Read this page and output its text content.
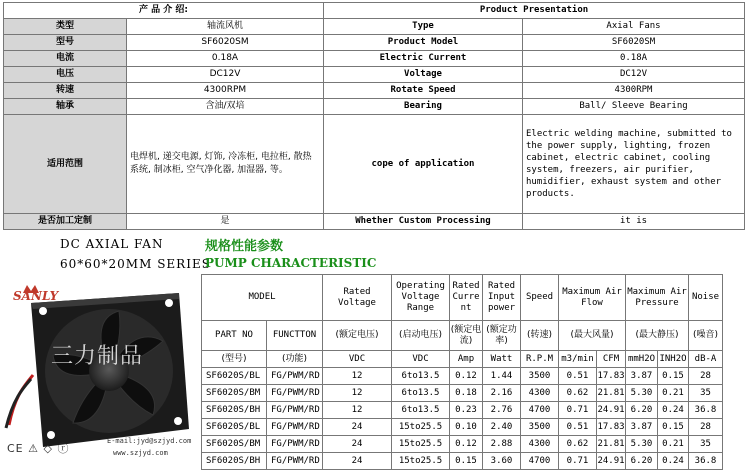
产 品 介 绍:		Product Presentation	
类型	轴流风机	Type	Axial Fans
型号	SF6020SM	Product Model	SF6020SM
电流	0.18A	Electric Current	0.18A
电压	DC12V	Voltage	DC12V
转速	4300RPM	Rotate Speed	4300RPM
轴承	含油/双培	Bearing	Ball/ Sleeve Bearing
适用范围	电焊机, 递交电源, 灯饰, 冷冻柜, 电拉柜, 散热系统, 制冰柜, 空气净化器, 加湿器, 等。	cope of application	Electric welding machine, submitted to the power supply, lighting, frozen cabinet, electric cabinet, cooling system, freezers, air purifier, humidifier, exhaust system and other products.
是否加工定制	是	Whether Custom Processing	it is
DC AXIAL FAN
60*60*20MM SERIES
规格性能参数
PUMP CHARACTERISTIC
SANLY
三力制品
CE ⚠ ◇ ⓡ
E-mail:jyd@szjyd.com
www.szjyd.com
MODEL		Rated Voltage	Operating Voltage Range	Rated Curre nt	Rated Input power	Speed	Maximum Air Flow		Maximum Air Pressure		Noise
PART NO	FUNCTTON	(额定电压)	(启动电压)	(额定电流)	(额定功率)	(转速)	(最大风量)		(最大静压)		(噪音)
(型号)	(功能)	VDC	VDC	Amp	Watt	R.P.M	m3/min	CFM	mmH2O	INH2O	dB-A
SF6020S/BL	FG/PWM/RD	12	6to13.5	0.12	1.44	3500	0.51	17.83	3.87	0.15	28
SF6020S/BM	FG/PWM/RD	12	6to13.5	0.18	2.16	4300	0.62	21.81	5.30	0.21	35
SF6020S/BH	FG/PWM/RD	12	6to13.5	0.23	2.76	4700	0.71	24.91	6.20	0.24	36.8
SF6020S/BL	FG/PWM/RD	24	15to25.5	0.10	2.40	3500	0.51	17.83	3.87	0.15	28
SF6020S/BM	FG/PWM/RD	24	15to25.5	0.12	2.88	4300	0.62	21.81	5.30	0.21	35
SF6020S/BH	FG/PWM/RD	24	15to25.5	0.15	3.60	4700	0.71	24.91	6.20	0.24	36.8
